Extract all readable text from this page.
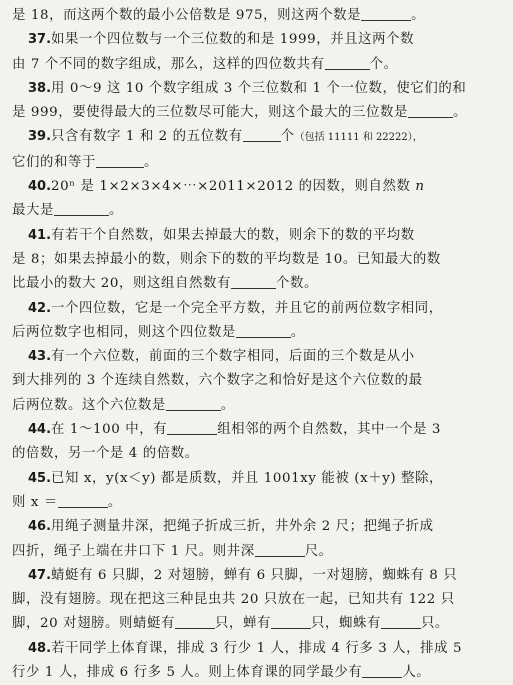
是 18，而这两个数的最小公倍数是 975，则这两个数是	。
37.如果一个四位数与一个三位数的和是 1999，并且这两个数
由 7 个不同的数字组成，那么，这样的四位数共有	个。
38.用 0～9 这 10 个数字组成 3 个三位数和 1 个一位数，使它们的和
是 999，要使得最大的三位数尽可能大，则这个最大的三位数是	。
39.只含有数字 1 和 2 的五位数有	个（包括 11111 和 22222），
它们的和等于	。
40.20ⁿ 是 1×2×3×4×⋯×2011×2012 的因数，则自然数 n
最大是	。
41.有若干个自然数，如果去掉最大的数，则余下的数的平均数
是 8；如果去掉最小的数，则余下的数的平均数是 10。已知最大的数
比最小的数大 20，则这组自然数有	个数。
42.一个四位数，它是一个完全平方数，并且它的前两位数字相同，
后两位数字也相同，则这个四位数是	。
43.有一个六位数，前面的三个数字相同，后面的三个数是从小
到大排列的 3 个连续自然数，六个数字之和恰好是这个六位数的最
后两位数。这个六位数是	。
44.在 1～100 中，有	组相邻的两个自然数，其中一个是 3
的倍数，另一个是 4 的倍数。
45.已知 x，y(x＜y) 都是质数，并且 1001xy 能被 (x＋y) 整除，
则 x ＝	。
46.用绳子测量井深，把绳子折成三折，井外余 2 尺；把绳子折成
四折，绳子上端在井口下 1 尺。则井深	尺。
47.蜻蜓有 6 只脚，2 对翅膀，蝉有 6 只脚，一对翅膀，蜘蛛有 8 只
脚，没有翅膀。现在把这三种昆虫共 20 只放在一起，已知共有 122 只
脚，20 对翅膀。则蜻蜓有	只，蝉有	只，蜘蛛有	只。
48.若干同学上体育课，排成 3 行少 1 人，排成 4 行多 3 人，排成 5
行少 1 人，排成 6 行多 5 人。则上体育课的同学最少有	人。
